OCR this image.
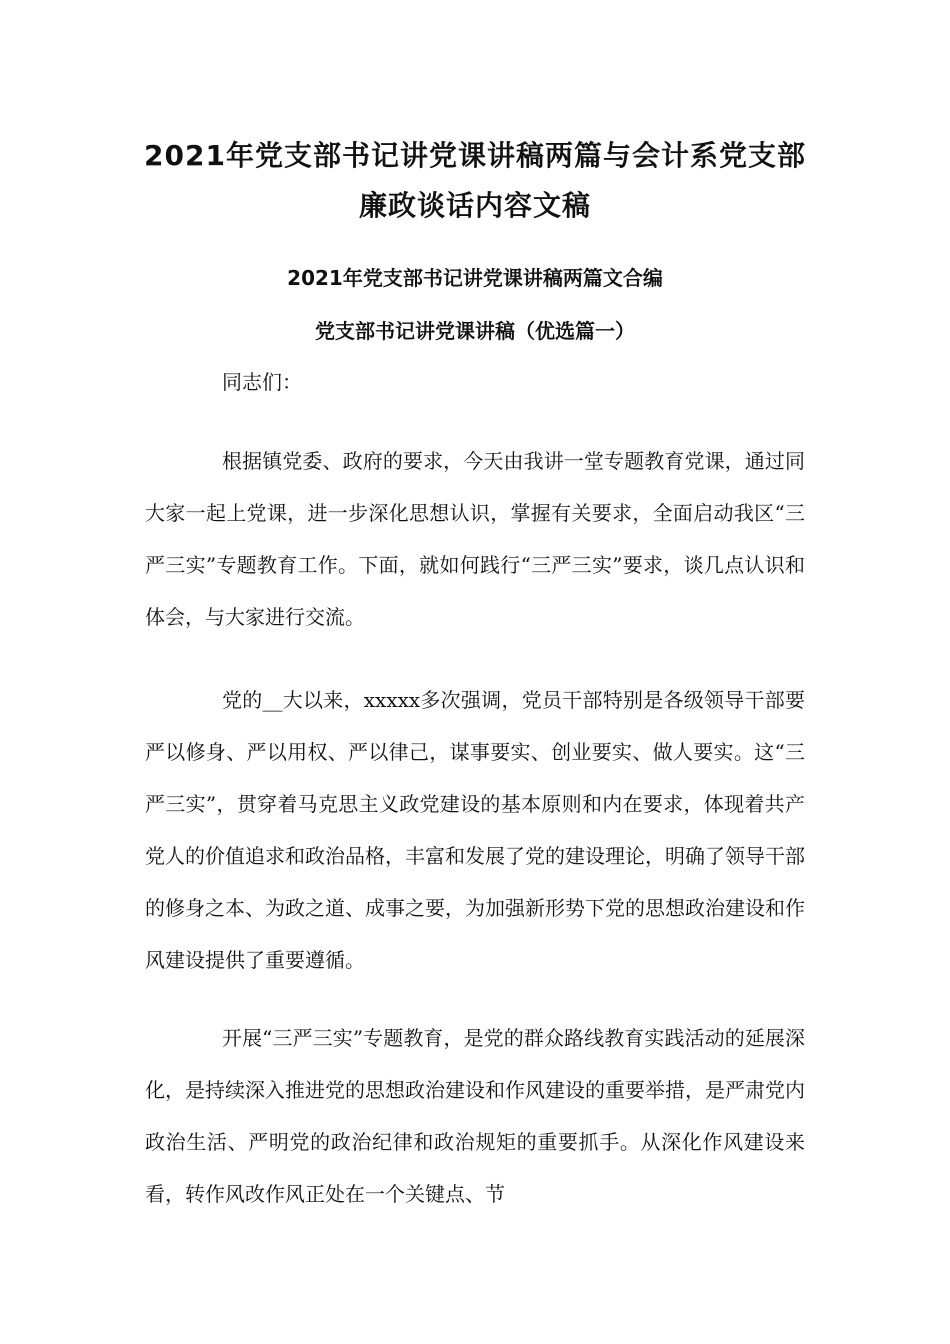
2021年党支部书记讲党课讲稿两篇与会计系党支部
廉政谈话内容文稿
2021年党支部书记讲党课讲稿两篇文合编
党支部书记讲党课讲稿（优选篇一）
同志们：

根据镇党委、政府的要求，今天由我讲一堂专题教育党课，通过同大家一起上党课，进一步深化思想认识，掌握有关要求，全面启动我区“三严三实”专题教育工作。下面，就如何践行“三严三实”要求，谈几点认识和体会，与大家进行交流。

党的__大以来，xxxxx多次强调，党员干部特别是各级领导干部要严以修身、严以用权、严以律己，谋事要实、创业要实、做人要实。这“三严三实”，贯穿着马克思主义政党建设的基本原则和内在要求，体现着共产党人的价值追求和政治品格，丰富和发展了党的建设理论，明确了领导干部的修身之本、为政之道、成事之要，为加强新形势下党的思想政治建设和作风建设提供了重要遵循。

开展“三严三实”专题教育，是党的群众路线教育实践活动的延展深化，是持续深入推进党的思想政治建设和作风建设的重要举措，是严肃党内政治生活、严明党的政治纪律和政治规矩的重要抓手。从深化作风建设来看，转作风改作风正处在一个关键点、节
